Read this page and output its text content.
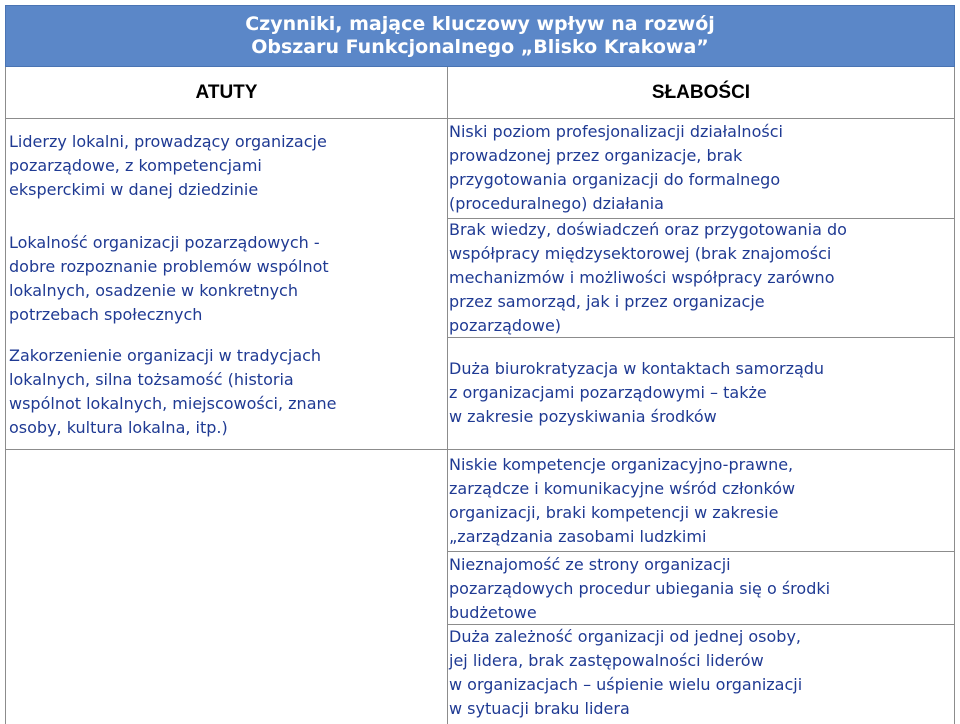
Czynniki, mające kluczowy wpływ na rozwój
Obszaru Funkcjonalnego „Blisko Krakowa”
ATUTY	SŁABOŚCI
Liderzy lokalni, prowadzący organizacje
pozarządowe, z kompetencjami
eksperckimi w danej dziedzinie
Lokalność organizacji pozarządowych -
dobre rozpoznanie problemów wspólnot
lokalnych, osadzenie w konkretnych
potrzebach społecznych
Zakorzenienie organizacji w tradycjach
lokalnych, silna tożsamość (historia
wspólnot lokalnych, miejscowości, znane
osoby, kultura lokalna, itp.)
Niski poziom profesjonalizacji działalności
prowadzonej przez organizacje, brak
przygotowania organizacji do formalnego
(proceduralnego) działania
Brak wiedzy, doświadczeń oraz przygotowania do
współpracy międzysektorowej (brak znajomości
mechanizmów i możliwości współpracy zarówno
przez samorząd, jak i przez organizacje
pozarządowe)
Duża biurokratyzacja w kontaktach samorządu
z organizacjami pozarządowymi – także
w zakresie pozyskiwania środków
Niskie kompetencje organizacyjno-prawne,
zarządcze i komunikacyjne wśród członków
organizacji, braki kompetencji w zakresie
„zarządzania zasobami ludzkimi
Nieznajomość ze strony organizacji
pozarządowych procedur ubiegania się o środki
budżetowe
Duża zależność organizacji od jednej osoby,
jej lidera, brak zastępowalności liderów
w organizacjach – uśpienie wielu organizacji
w sytuacji braku lidera
